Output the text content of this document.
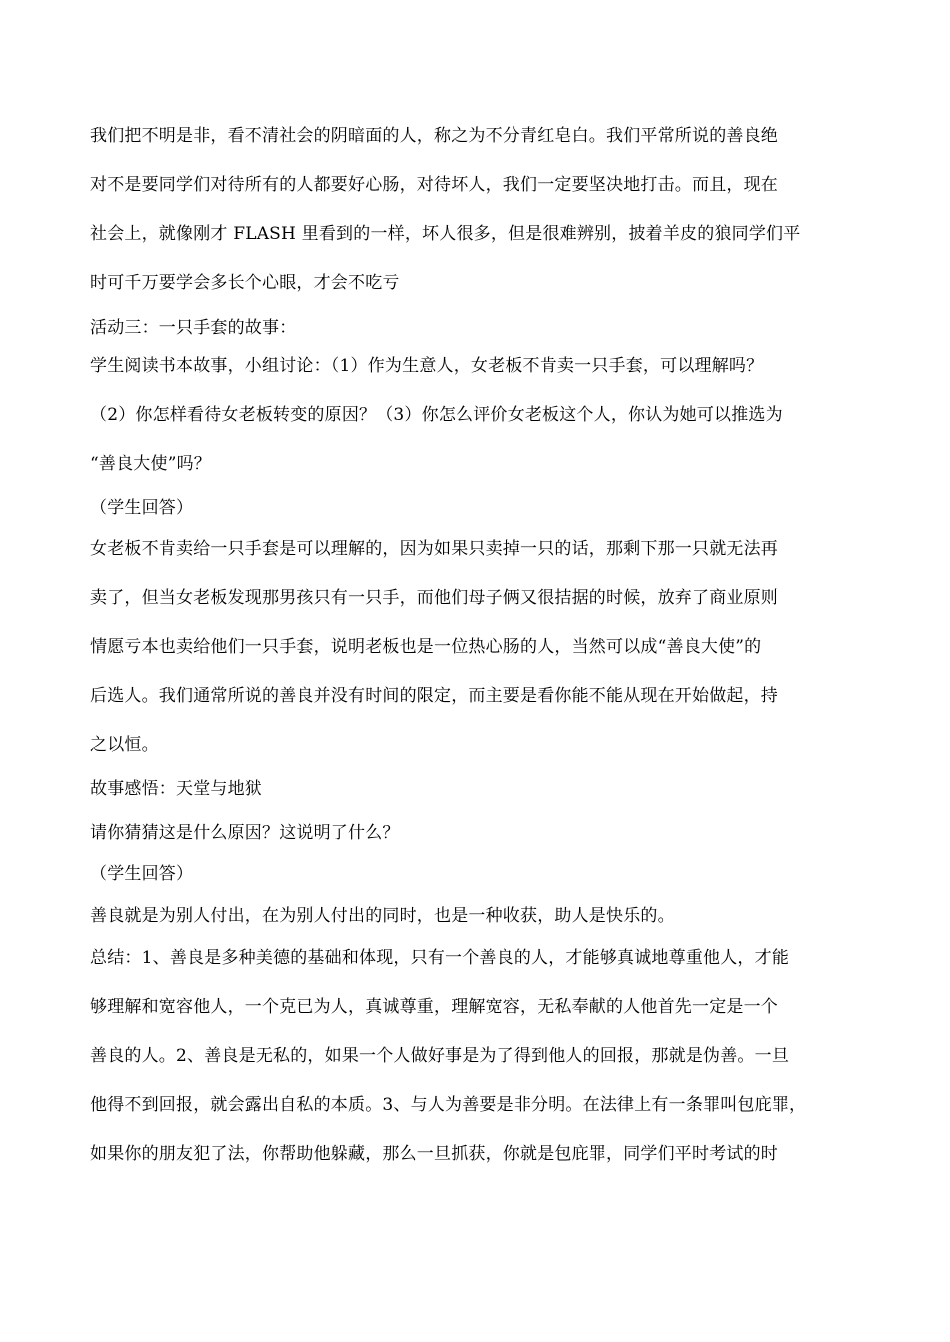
我们把不明是非，看不清社会的阴暗面的人，称之为不分青红皂白。我们平常所说的善良绝
对不是要同学们对待所有的人都要好心肠，对待坏人，我们一定要坚决地打击。而且，现在
社会上，就像刚才 FLASH 里看到的一样，坏人很多，但是很难辨别，披着羊皮的狼同学们平
时可千万要学会多长个心眼，才会不吃亏

活动三：一只手套的故事：

学生阅读书本故事，小组讨论：（1）作为生意人，女老板不肯卖一只手套，可以理解吗？
（2）你怎样看待女老板转变的原因？（3）你怎么评价女老板这个人，你认为她可以推选为
“善良大使”吗？

（学生回答）

女老板不肯卖给一只手套是可以理解的，因为如果只卖掉一只的话，那剩下那一只就无法再
卖了，但当女老板发现那男孩只有一只手，而他们母子俩又很拮据的时候，放弃了商业原则
情愿亏本也卖给他们一只手套，说明老板也是一位热心肠的人，当然可以成“善良大使”的
后选人。我们通常所说的善良并没有时间的限定，而主要是看你能不能从现在开始做起，持
之以恒。

故事感悟：天堂与地狱

请你猜猜这是什么原因？这说明了什么？

（学生回答）

善良就是为别人付出，在为别人付出的同时，也是一种收获，助人是快乐的。

总结：1、善良是多种美德的基础和体现，只有一个善良的人，才能够真诚地尊重他人，才能
够理解和宽容他人，一个克已为人，真诚尊重，理解宽容，无私奉献的人他首先一定是一个
善良的人。2、善良是无私的，如果一个人做好事是为了得到他人的回报，那就是伪善。一旦
他得不到回报，就会露出自私的本质。3、与人为善要是非分明。在法律上有一条罪叫包庇罪，
如果你的朋友犯了法，你帮助他躲藏，那么一旦抓获，你就是包庇罪，同学们平时考试的时
